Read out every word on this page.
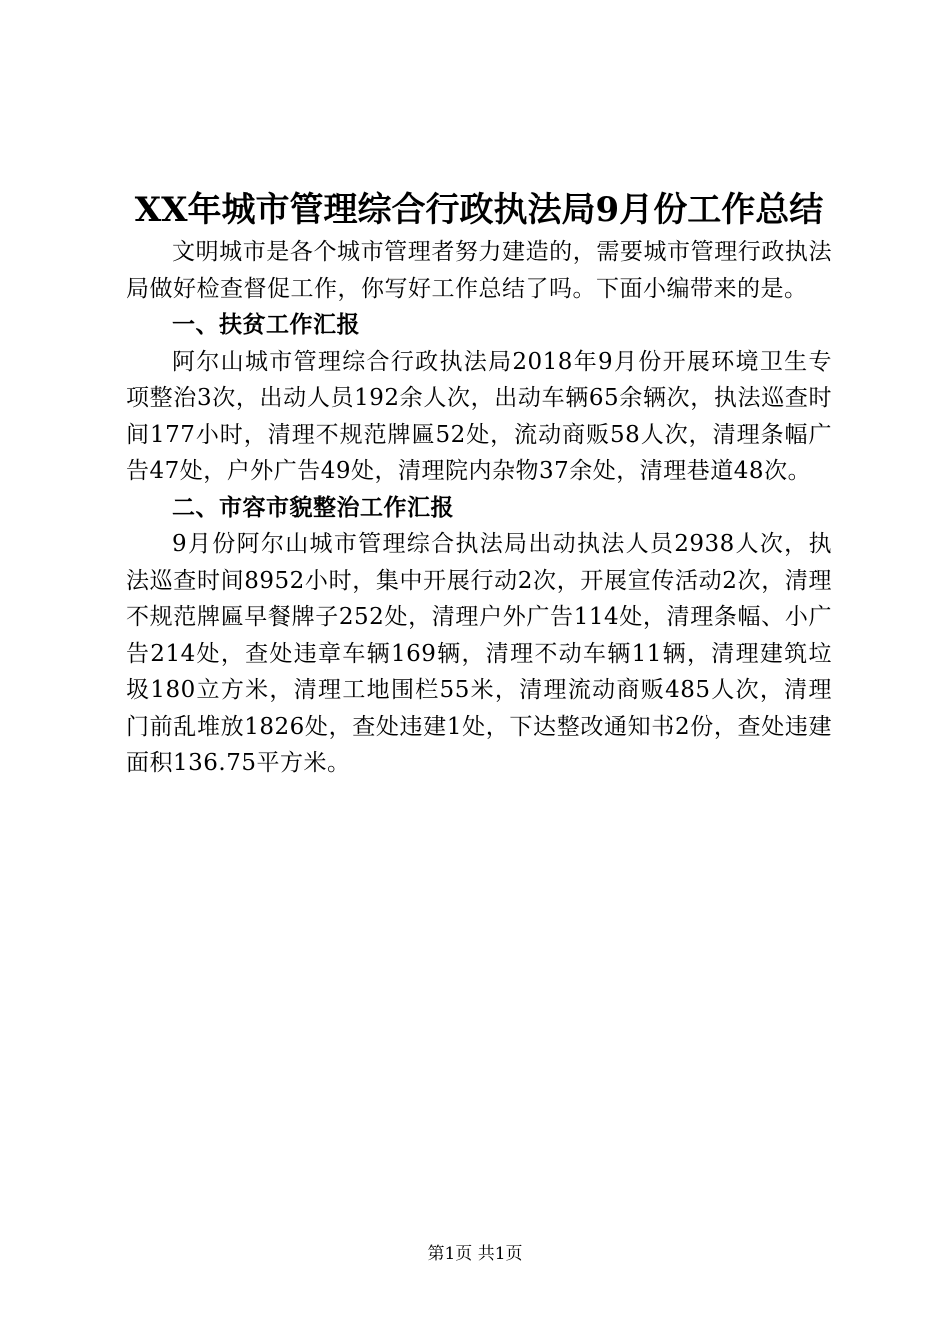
XX年城市管理综合行政执法局9月份工作总结

文明城市是各个城市管理者努力建造的，需要城市管理行政执法局做好检查督促工作，你写好工作总结了吗。下面小编带来的是。

一、扶贫工作汇报

阿尔山城市管理综合行政执法局2018年9月份开展环境卫生专项整治3次，出动人员192余人次，出动车辆65余辆次，执法巡查时间177小时，清理不规范牌匾52处，流动商贩58人次，清理条幅广告47处，户外广告49处，清理院内杂物37余处，清理巷道48次。

二、市容市貌整治工作汇报

9月份阿尔山城市管理综合执法局出动执法人员2938人次，执法巡查时间8952小时，集中开展行动2次，开展宣传活动2次，清理不规范牌匾早餐牌子252处，清理户外广告114处，清理条幅、小广告214处，查处违章车辆169辆，清理不动车辆11辆，清理建筑垃圾180立方米，清理工地围栏55米，清理流动商贩485人次，清理门前乱堆放1826处，查处违建1处，下达整改通知书2份，查处违建面积136.75平方米。

第1页 共1页
